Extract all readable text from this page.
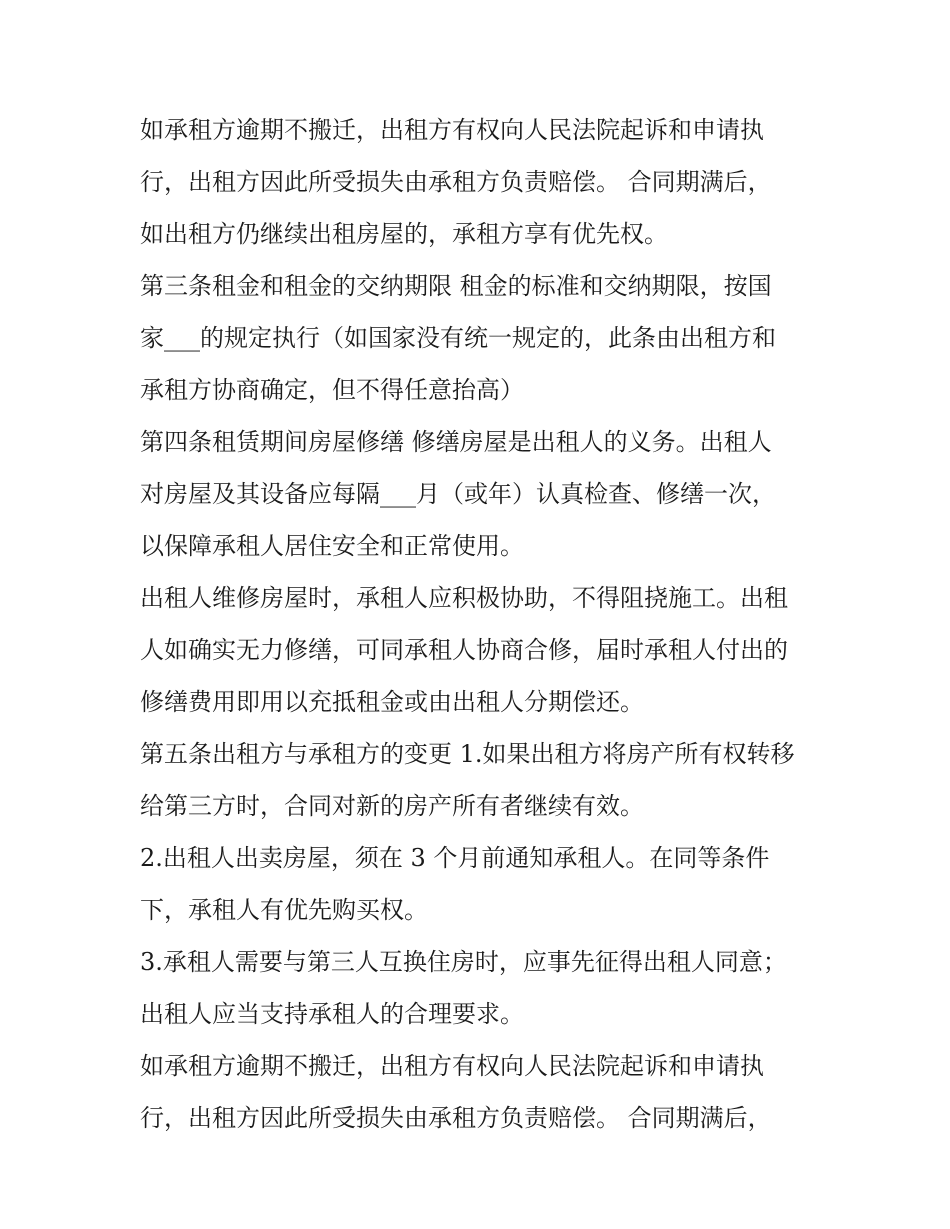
如承租方逾期不搬迁，出租方有权向人民法院起诉和申请执
行，出租方因此所受损失由承租方负责赔偿。 合同期满后，
如出租方仍继续出租房屋的，承租方享有优先权。
第三条租金和租金的交纳期限 租金的标准和交纳期限，按国
家___的规定执行（如国家没有统一规定的，此条由出租方和
承租方协商确定，但不得任意抬高）
第四条租赁期间房屋修缮 修缮房屋是出租人的义务。出租人
对房屋及其设备应每隔___月（或年）认真检查、修缮一次，
以保障承租人居住安全和正常使用。
出租人维修房屋时，承租人应积极协助，不得阻挠施工。出租
人如确实无力修缮，可同承租人协商合修，届时承租人付出的
修缮费用即用以充抵租金或由出租人分期偿还。
第五条出租方与承租方的变更 1.如果出租方将房产所有权转移
给第三方时，合同对新的房产所有者继续有效。
2.出租人出卖房屋，须在 3 个月前通知承租人。在同等条件
下，承租人有优先购买权。
3.承租人需要与第三人互换住房时，应事先征得出租人同意；
出租人应当支持承租人的合理要求。
如承租方逾期不搬迁，出租方有权向人民法院起诉和申请执
行，出租方因此所受损失由承租方负责赔偿。 合同期满后，
